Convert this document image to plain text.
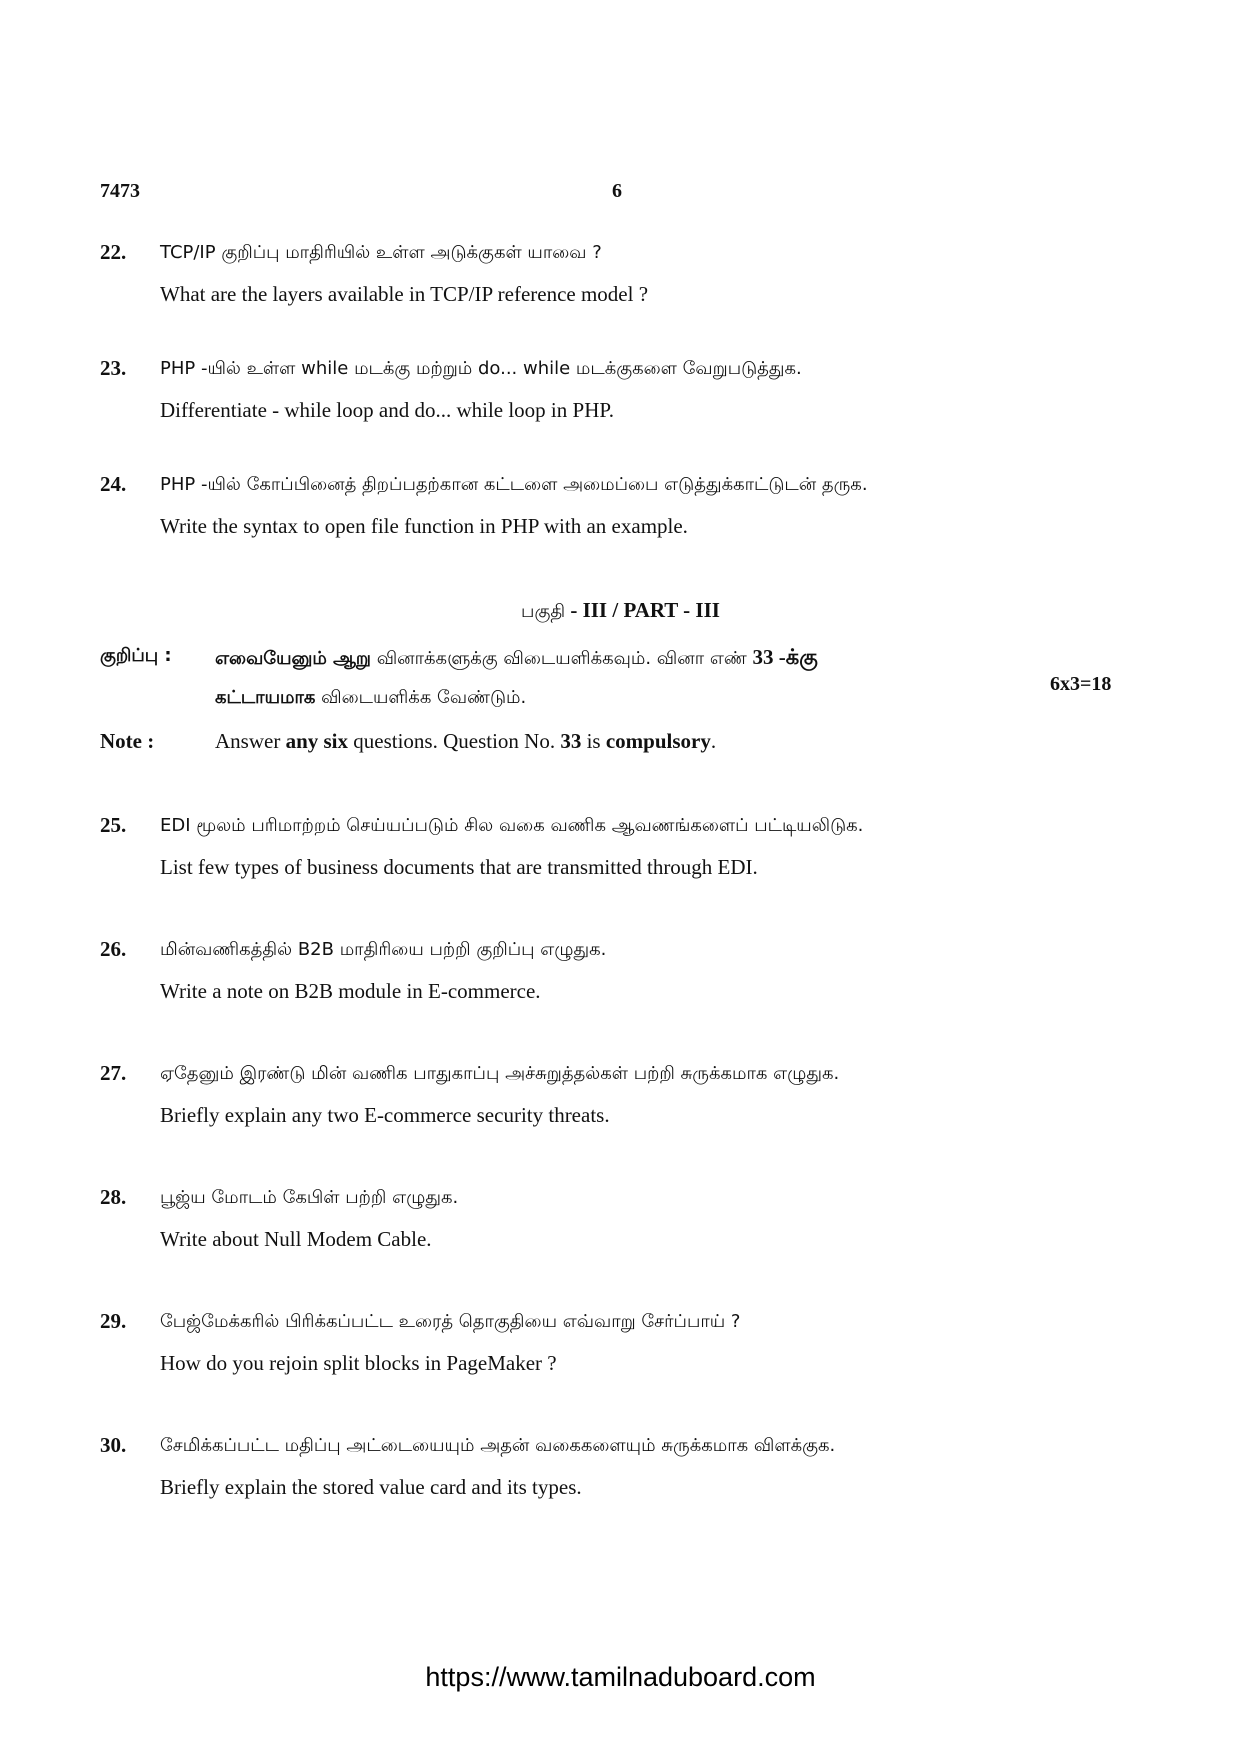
7473	6
22. TCP/IP குறிப்பு மாதிரியில் உள்ள அடுக்குகள் யாவை ?
What are the layers available in TCP/IP reference model ?
23. PHP -யில் உள்ள while மடக்கு மற்றும் do... while மடக்குகளை வேறுபடுத்துக.
Differentiate - while loop and do... while loop in PHP.
24. PHP -யில் கோப்பினைத் திறப்பதற்கான கட்டளை அமைப்பை எடுத்துக்காட்டுடன் தருக.
Write the syntax to open file function in PHP with an example.
பகுதி - III / PART - III
குறிப்பு : எவையேனும் ஆறு வினாக்களுக்கு விடையளிக்கவும். வினா எண் 33 -க்கு
கட்டாயமாக விடையளிக்க வேண்டும்.
6x3=18
Note :	Answer any six questions. Question No. 33 is compulsory.
25. EDI மூலம் பரிமாற்றம் செய்யப்படும் சில வகை வணிக ஆவணங்களைப் பட்டியலிடுக.
List few types of business documents that are transmitted through EDI.
26. மின்வணிகத்தில் B2B மாதிரியை பற்றி குறிப்பு எழுதுக.
Write a note on B2B module in E-commerce.
27. ஏதேனும் இரண்டு மின் வணிக பாதுகாப்பு அச்சுறுத்தல்கள் பற்றி சுருக்கமாக எழுதுக.
Briefly explain any two E-commerce security threats.
28. பூஜ்ய மோடம் கேபிள் பற்றி எழுதுக.
Write about Null Modem Cable.
29. பேஜ்மேக்கரில் பிரிக்கப்பட்ட உரைத் தொகுதியை எவ்வாறு சேர்ப்பாய் ?
How do you rejoin split blocks in PageMaker ?
30. சேமிக்கப்பட்ட மதிப்பு அட்டையையும் அதன் வகைகளையும் சுருக்கமாக விளக்குக.
Briefly explain the stored value card and its types.
https://www.tamilnaduboard.com
